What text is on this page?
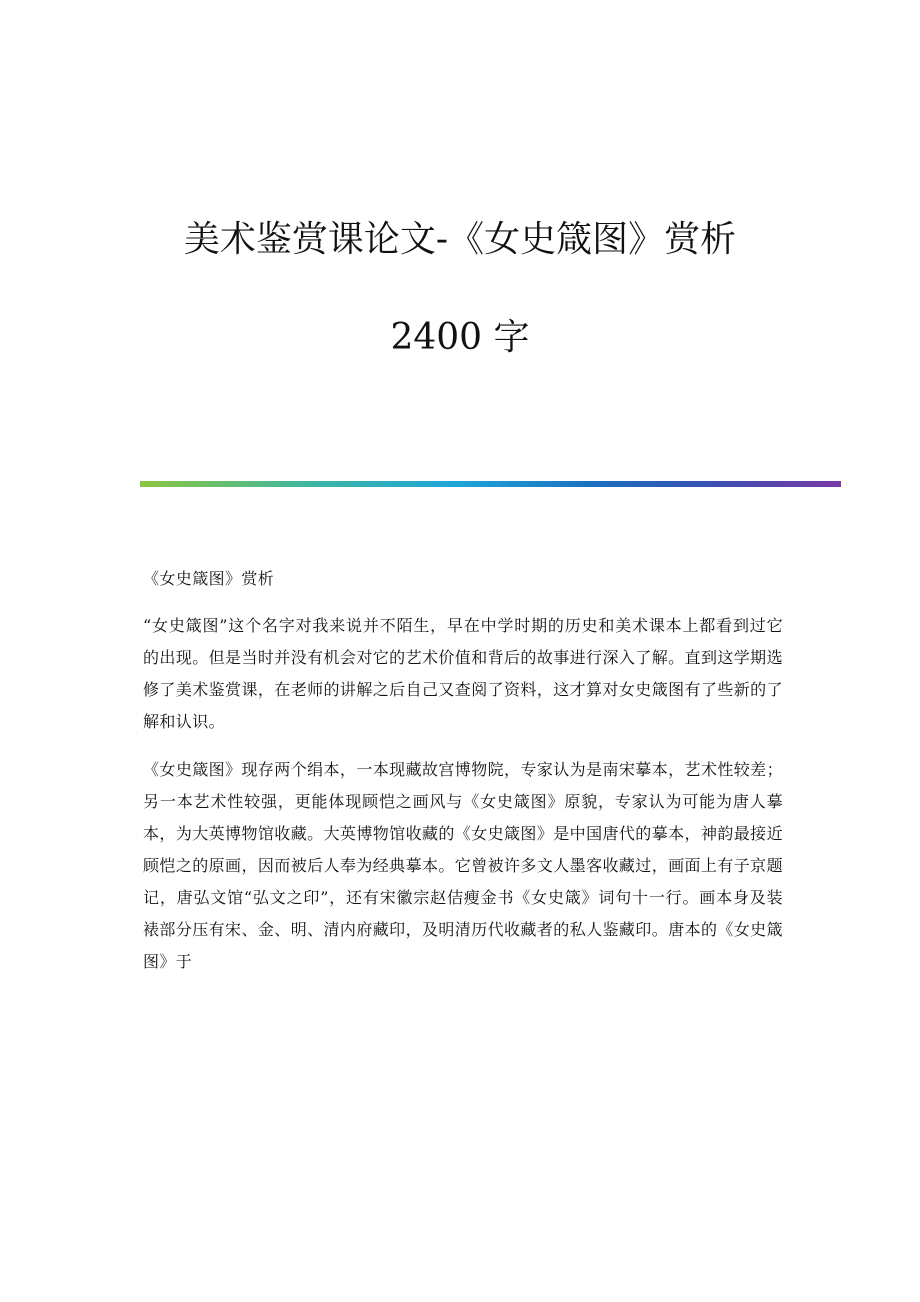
美术鉴赏课论文-《女史箴图》赏析
2400 字

《女史箴图》赏析

“女史箴图”这个名字对我来说并不陌生，早在中学时期的历史和美术课本上都看到过它的出现。但是当时并没有机会对它的艺术价值和背后的故事进行深入了解。直到这学期选修了美术鉴赏课，在老师的讲解之后自己又查阅了资料，这才算对女史箴图有了些新的了解和认识。

《女史箴图》现存两个绢本，一本现藏故宫博物院，专家认为是南宋摹本，艺术性较差；另一本艺术性较强，更能体现顾恺之画风与《女史箴图》原貌，专家认为可能为唐人摹本，为大英博物馆收藏。大英博物馆收藏的《女史箴图》是中国唐代的摹本，神韵最接近顾恺之的原画，因而被后人奉为经典摹本。它曾被许多文人墨客收藏过，画面上有子京题记，唐弘文馆“弘文之印”，还有宋徽宗赵佶瘦金书《女史箴》词句十一行。画本身及装裱部分压有宋、金、明、清内府藏印，及明清历代收藏者的私人鉴藏印。唐本的《女史箴图》于
